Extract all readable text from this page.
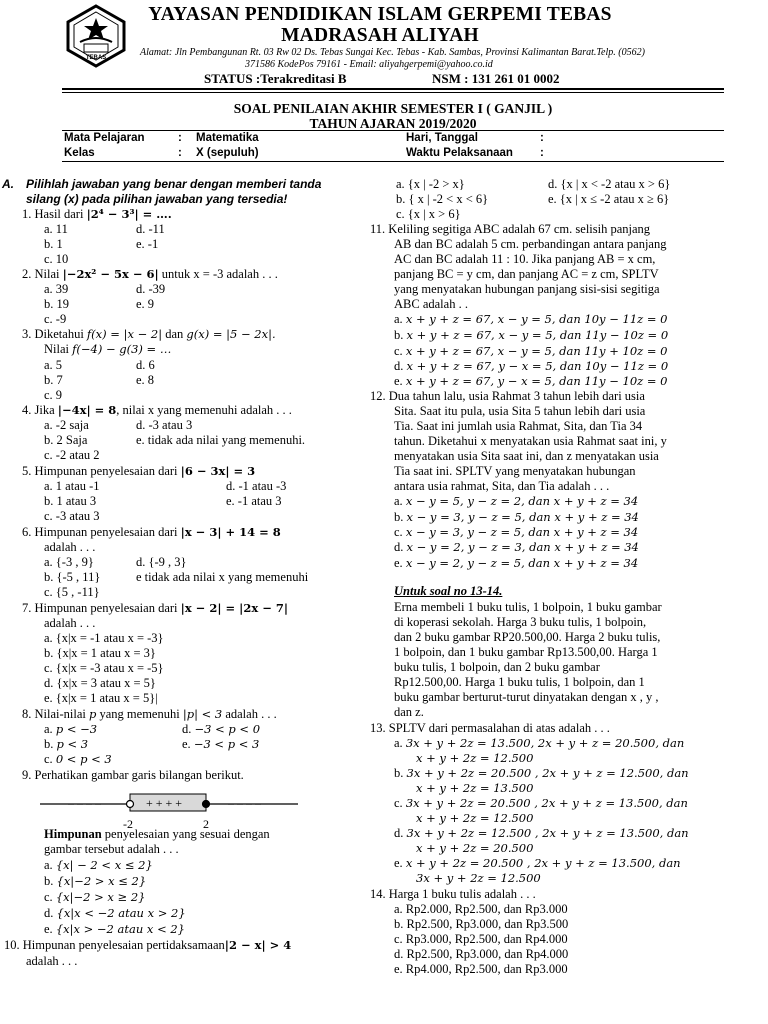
TEBAS
YAYASAN PENDIDIKAN ISLAM GERPEMI TEBAS
MADRASAH ALIYAH
Alamat: Jln Pembangunan Rt. 03 Rw 02 Ds. Tebas Sungai Kec. Tebas - Kab. Sambas, Provinsi Kalimantan Barat.Telp. (0562)
371586 KodePos 79161 - Email: aliyahgerpemi@yahoo.co.id
STATUS :Terakreditasi B	NSM : 131 261 01 0002
SOAL PENILAIAN AKHIR SEMESTER I ( GANJIL )
TAHUN AJARAN 2019/2020
Mata Pelajaran	: Matematika	Hari, Tanggal	:
Kelas	: X (sepuluh)	Waktu Pelaksanaan :
A. Pilihlah jawaban yang benar dengan memberi tanda
silang (x) pada pilihan jawaban yang tersedia!
1. Hasil dari |2⁴ − 3³| = ….
a. 11	d. -11
b. 1	e. -1
c. 10
2. Nilai |−2x² − 5x − 6| untuk x = -3 adalah . . .
a. 39	d. -39
b. 19	e. 9
c. -9
3. Diketahui f(x) = |x − 2| dan g(x) = |5 − 2x|.
Nilai f(−4) − g(3) = …
a. 5	d. 6
b. 7	e. 8
c. 9
4. Jika |−4x| = 8, nilai x yang memenuhi adalah . . .
a. -2 saja	d. -3 atau 3
b. 2 Saja	e. tidak ada nilai yang memenuhi.
c. -2 atau 2
5. Himpunan penyelesaian dari |6 − 3x| = 3
a. 1 atau -1	d. -1 atau -3
b. 1 atau 3	e. -1 atau 3
c. -3 atau 3
6. Himpunan penyelesaian dari |x − 3| + 14 = 8
adalah . . .
a. {-3 , 9}	d. {-9 , 3}
b. {-5 , 11}	e tidak ada nilai x yang memenuhi
c. {5 , -11}
7. Himpunan penyelesaian dari |x − 2| = |2x − 7|
adalah . . .
a. {x|x = -1 atau x = -3}
b. {x|x = 1 atau x = 3}
c. {x|x = -3 atau x = -5}
d. {x|x = 3 atau x = 5}
e. {x|x = 1 atau x = 5}|
8. Nilai-nilai p yang memenuhi |p| < 3 adalah . . .
a. p < −3	d. −3 < p < 0
b. p < 3	e. −3 < p < 3
c. 0 < p < 3
9. Perhatikan gambar garis bilangan berikut.
– – – –	+ + + +	– – – –
-2	2
Himpunan penyelesaian yang sesuai dengan
gambar tersebut adalah . . .
a. {x| − 2 < x ≤ 2}
b. {x|−2 > x ≤ 2}
c. {x|−2 > x ≥ 2}
d. {x|x < −2 atau x > 2}
e. {x|x > −2 atau x < 2}
10. Himpunan penyelesaian pertidaksamaan|2 − x| > 4
adalah . . .
a. {x | -2 > x}	d. {x | x < -2 atau x > 6}
b. { x | -2 < x < 6}	e. {x | x ≤ -2 atau x ≥ 6}
c. {x | x > 6}
11. Keliling segitiga ABC adalah 67 cm. selisih panjang
AB dan BC adalah 5 cm. perbandingan antara panjang
AC dan BC adalah 11 : 10. Jika panjang AB = x cm,
panjang BC = y cm, dan panjang AC = z cm, SPLTV
yang menyatakan hubungan panjang sisi-sisi segitiga
ABC adalah . .
a. x + y + z = 67, x − y = 5, dan 10y − 11z = 0
b. x + y + z = 67, x − y = 5, dan 11y − 10z = 0
c. x + y + z = 67, x − y = 5, dan 11y + 10z = 0
d. x + y + z = 67, y − x = 5, dan 10y − 11z = 0
e. x + y + z = 67, y − x = 5, dan 11y − 10z = 0
12. Dua tahun lalu, usia Rahmat 3 tahun lebih dari usia
Sita. Saat itu pula, usia Sita 5 tahun lebih dari usia
Tia. Saat ini jumlah usia Rahmat, Sita, dan Tia 34
tahun. Diketahui x menyatakan usia Rahmat saat ini, y
menyatakan usia Sita saat ini, dan z menyatakan usia
Tia saat ini. SPLTV yang menyatakan hubungan
antara usia rahmat, Sita, dan Tia adalah . . .
a. x − y = 5, y − z = 2, dan x + y + z = 34
b. x − y = 3, y − z = 5, dan x + y + z = 34
c. x − y = 3, y − z = 5, dan x + y + z = 34
d. x − y = 2, y − z = 3, dan x + y + z = 34
e. x − y = 2, y − z = 5, dan x + y + z = 34
Untuk soal no 13-14.
Erna membeli 1 buku tulis, 1 bolpoin, 1 buku gambar
di koperasi sekolah. Harga 3 buku tulis, 1 bolpoin,
dan 2 buku gambar RP20.500,00. Harga 2 buku tulis,
1 bolpoin, dan 1 buku gambar Rp13.500,00. Harga 1
buku tulis, 1 bolpoin, dan 2 buku gambar
Rp12.500,00. Harga 1 buku tulis, 1 bolpoin, dan 1
buku gambar berturut-turut dinyatakan dengan x , y ,
dan z.
13. SPLTV dari permasalahan di atas adalah . . .
a. 3x + y + 2z = 13.500, 2x + y + z = 20.500, dan
x + y + 2z = 12.500
b. 3x + y + 2z = 20.500 , 2x + y + z = 12.500, dan
x + y + 2z = 13.500
c. 3x + y + 2z = 20.500 , 2x + y + z = 13.500, dan
x + y + 2z = 12.500
d. 3x + y + 2z = 12.500 , 2x + y + z = 13.500, dan
x + y + 2z = 20.500
e. x + y + 2z = 20.500 , 2x + y + z = 13.500, dan
3x + y + 2z = 12.500
14. Harga 1 buku tulis adalah . . .
a. Rp2.000, Rp2.500, dan Rp3.000
b. Rp2.500, Rp3.000, dan Rp3.500
c. Rp3.000, Rp2.500, dan Rp4.000
d. Rp2.500, Rp3.000, dan Rp4.000
e. Rp4.000, Rp2.500, dan Rp3.000
